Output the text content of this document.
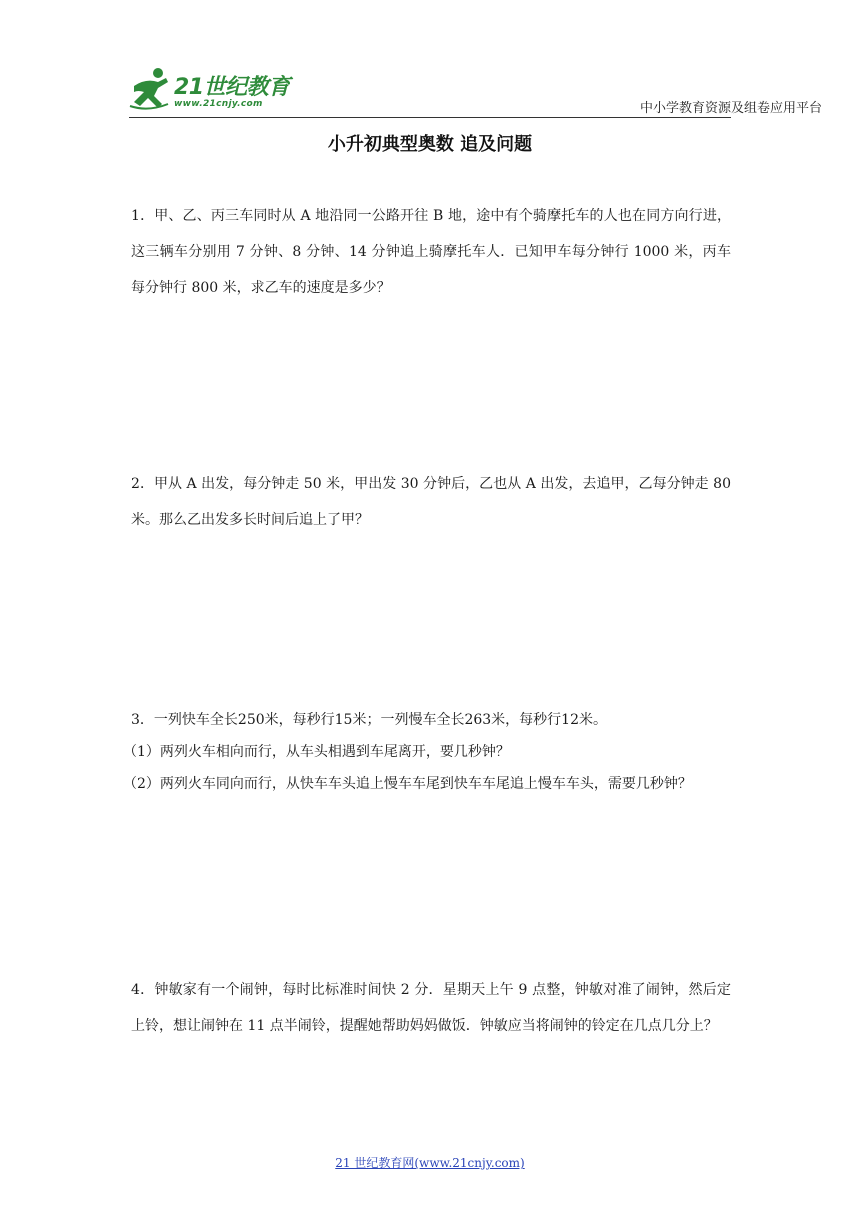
21世纪教育
www.21cnjy.com	中小学教育资源及组卷应用平台
小升初典型奥数 追及问题

1．甲、乙、丙三车同时从 A 地沿同一公路开往 B 地，途中有个骑摩托车的人也在同方向行进，这三辆车分别用 7 分钟、8 分钟、14 分钟追上骑摩托车人．已知甲车每分钟行 1000 米，丙车每分钟行 800 米，求乙车的速度是多少？

2．甲从 A 出发，每分钟走 50 米，甲出发 30 分钟后，乙也从 A 出发，去追甲，乙每分钟走 80 米。那么乙出发多长时间后追上了甲？

3．一列快车全长250米，每秒行15米；一列慢车全长263米，每秒行12米。

（1）两列火车相向而行，从车头相遇到车尾离开，要几秒钟？

（2）两列火车同向而行，从快车车头追上慢车车尾到快车车尾追上慢车车头，需要几秒钟？

4．钟敏家有一个闹钟，每时比标准时间快 2 分．星期天上午 9 点整，钟敏对准了闹钟，然后定上铃，想让闹钟在 11 点半闹铃，提醒她帮助妈妈做饭．钟敏应当将闹钟的铃定在几点几分上？

21 世纪教育网(www.21cnjy.com)
